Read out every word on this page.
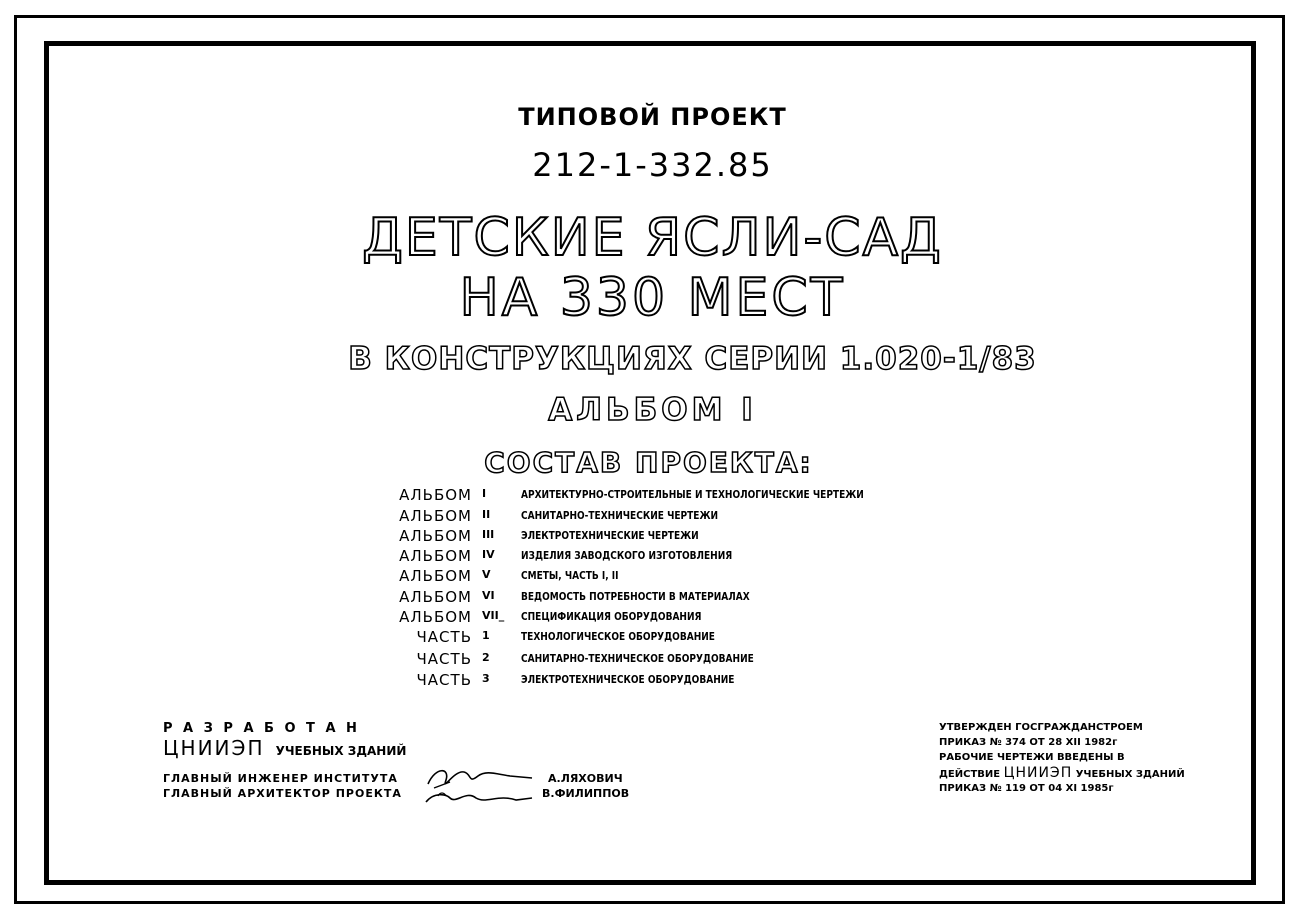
ТИПОВОЙ ПРОЕКТ
212-1-332.85
ДЕТСКИЕ ЯСЛИ-САД
НА 330 МЕСТ
В КОНСТРУКЦИЯХ СЕРИИ 1.020-1/83
АЛЬБОМ I
СОСТАВ ПРОЕКТА:
АЛЬБОМ I	АРХИТЕКТУРНО-СТРОИТЕЛЬНЫЕ И ТЕХНОЛОГИЧЕСКИЕ ЧЕРТЕЖИ
АЛЬБОМ II	САНИТАРНО-ТЕХНИЧЕСКИЕ ЧЕРТЕЖИ
АЛЬБОМ III ЭЛЕКТРОТЕХНИЧЕСКИЕ ЧЕРТЕЖИ
АЛЬБОМ IV ИЗДЕЛИЯ ЗАВОДСКОГО ИЗГОТОВЛЕНИЯ
АЛЬБОМ V	СМЕТЫ, ЧАСТЬ I, II
АЛЬБОМ VI ВЕДОМОСТЬ ПОТРЕБНОСТИ В МАТЕРИАЛАХ
АЛЬБОМ VII_ СПЕЦИФИКАЦИЯ ОБОРУДОВАНИЯ
ЧАСТЬ 1	ТЕХНОЛОГИЧЕСКОЕ ОБОРУДОВАНИЕ
ЧАСТЬ 2	САНИТАРНО-ТЕХНИЧЕСКОЕ ОБОРУДОВАНИЕ
ЧАСТЬ 3	ЭЛЕКТРОТЕХНИЧЕСКОЕ ОБОРУДОВАНИЕ
Р А З Р А Б О Т А Н
ЦНИИЭП УЧЕБНЫХ ЗДАНИЙ
ГЛАВНЫЙ ИНЖЕНЕР ИНСТИТУТА
ГЛАВНЫЙ АРХИТЕКТОР ПРОЕКТА
А.ЛЯХОВИЧ
В.ФИЛИППОВ
УТВЕРЖДЕН ГОСГРАЖДАНСТРОЕМ
ПРИКАЗ № 374 ОТ 28 XII 1982г
РАБОЧИЕ ЧЕРТЕЖИ ВВЕДЕНЫ В
ДЕЙСТВИЕ ЦНИИЭП УЧЕБНЫХ ЗДАНИЙ
ПРИКАЗ № 119 ОТ 04 XI 1985г
